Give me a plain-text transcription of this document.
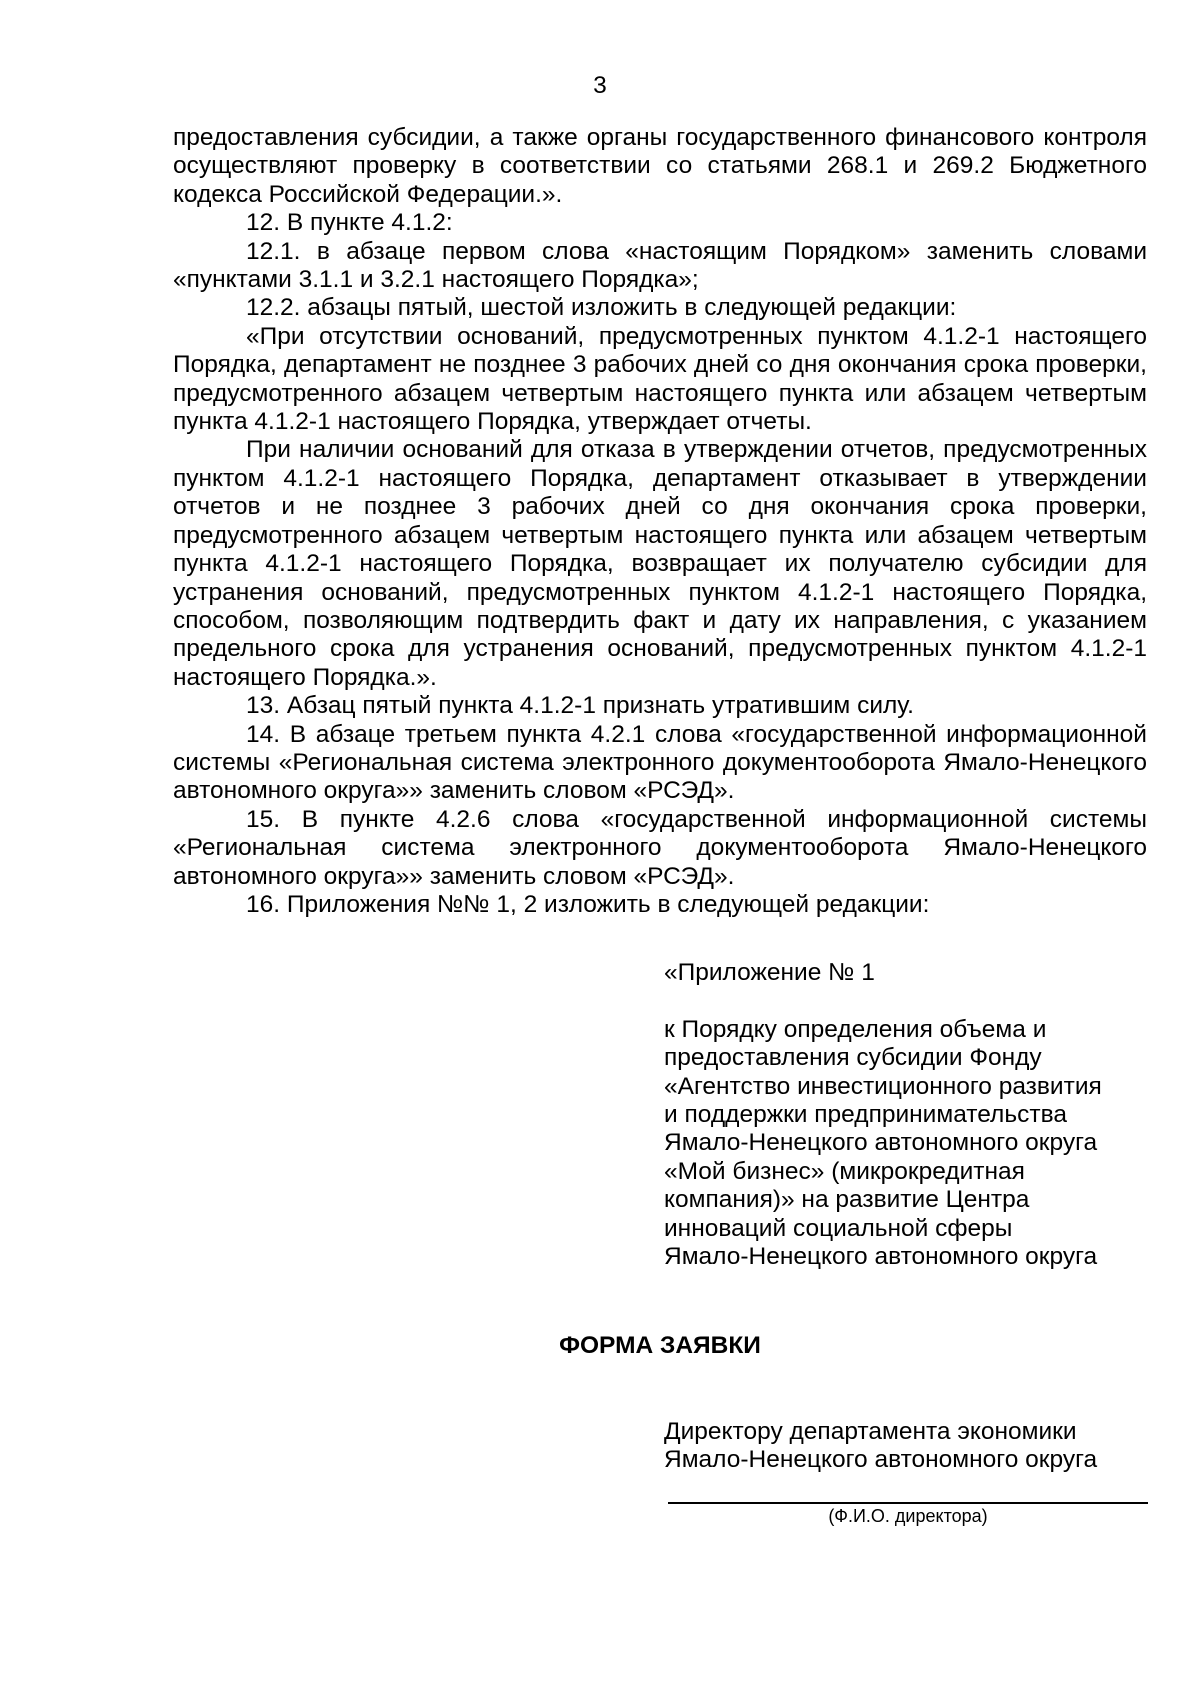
3

предоставления субсидии, а также органы государственного финансового контроля осуществляют проверку в соответствии со статьями 268.1 и 269.2 Бюджетного кодекса Российской Федерации.».

12. В пункте 4.1.2:

12.1. в абзаце первом слова «настоящим Порядком» заменить словами «пунктами 3.1.1 и 3.2.1 настоящего Порядка»;

12.2. абзацы пятый, шестой изложить в следующей редакции:

«При отсутствии оснований, предусмотренных пунктом 4.1.2-1 настоящего Порядка, департамент не позднее 3 рабочих дней со дня окончания срока проверки, предусмотренного абзацем четвертым настоящего пункта или абзацем четвертым пункта 4.1.2-1 настоящего Порядка, утверждает отчеты.

При наличии оснований для отказа в утверждении отчетов, предусмотренных пунктом 4.1.2-1 настоящего Порядка, департамент отказывает в утверждении отчетов и не позднее 3 рабочих дней со дня окончания срока проверки, предусмотренного абзацем четвертым настоящего пункта или абзацем четвертым пункта 4.1.2-1 настоящего Порядка, возвращает их получателю субсидии для устранения оснований, предусмотренных пунктом 4.1.2-1 настоящего Порядка, способом, позволяющим подтвердить факт и дату их направления, с указанием предельного срока для устранения оснований, предусмотренных пунктом 4.1.2-1 настоящего Порядка.».

13. Абзац пятый пункта 4.1.2-1 признать утратившим силу.

14. В абзаце третьем пункта 4.2.1 слова «государственной информационной системы «Региональная система электронного документооборота Ямало-Ненецкого автономного округа»» заменить словом «РСЭД».

15. В пункте 4.2.6 слова «государственной информационной системы «Региональная система электронного документооборота Ямало-Ненецкого автономного округа»» заменить словом «РСЭД».

16. Приложения №№ 1, 2 изложить в следующей редакции:

«Приложение № 1

к Порядку определения объема и

предоставления субсидии Фонду

«Агентство инвестиционного развития

и поддержки предпринимательства

Ямало-Ненецкого автономного округа

«Мой бизнес» (микрокредитная

компания)» на развитие Центра

инноваций социальной сферы

Ямало-Ненецкого автономного округа

ФОРМА ЗАЯВКИ

Директору департамента экономики

Ямало-Ненецкого автономного округа

(Ф.И.О. директора)
